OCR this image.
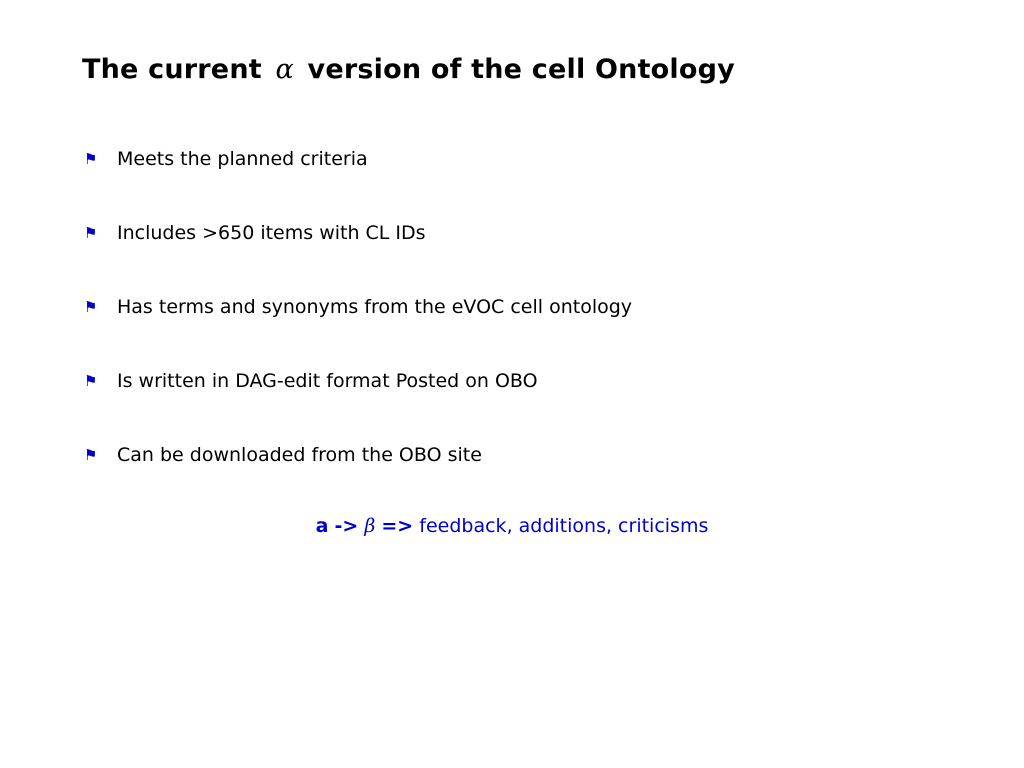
The current α version of the cell Ontology
⚑	Meets the planned criteria
⚑	Includes >650 items with CL IDs
⚑	Has terms and synonyms from the eVOC cell ontology
⚑	Is written in DAG-edit format Posted on OBO
⚑	Can be downloaded from the OBO site
a -> β => feedback, additions, criticisms
